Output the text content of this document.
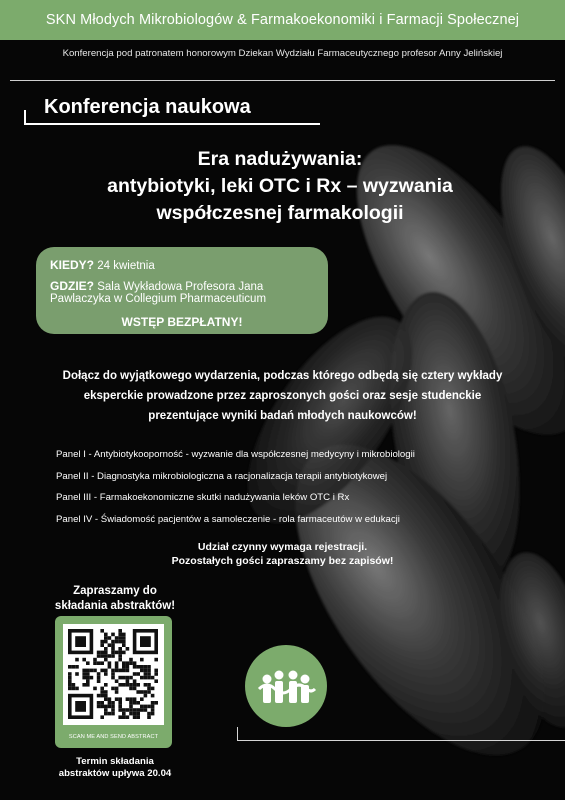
SKN Młodych Mikrobiologów & Farmakoekonomiki i Farmacji Społecznej
Konferencja pod patronatem honorowym Dziekan Wydziału Farmaceutycznego profesor Anny Jelińskiej
Konferencja naukowa
Era nadużywania:
antybiotyki, leki OTC i Rx – wyzwania
współczesnej farmakologii
KIEDY? 24 kwietnia
GDZIE? Sala Wykładowa Profesora Jana
Pawlaczyka w Collegium Pharmaceuticum
WSTĘP BEZPŁATNY!
Dołącz do wyjątkowego wydarzenia, podczas którego odbędą się cztery wykłady
eksperckie prowadzone przez zaproszonych gości oraz sesje studenckie
prezentujące wyniki badań młodych naukowców!
Panel I - Antybiotykooporność - wyzwanie dla współczesnej medycyny i mikrobiologii
Panel II - Diagnostyka mikrobiologiczna a racjonalizacja terapii antybiotykowej
Panel III - Farmakoekonomiczne skutki nadużywania leków OTC i Rx
Panel IV - Świadomość pacjentów a samoleczenie - rola farmaceutów w edukacji
Udział czynny wymaga rejestracji.
Pozostałych gości zapraszamy bez zapisów!
Zapraszamy do
składania abstraktów!
SCAN ME AND SEND ABSTRACT
Termin składania
abstraktów upływa 20.04
